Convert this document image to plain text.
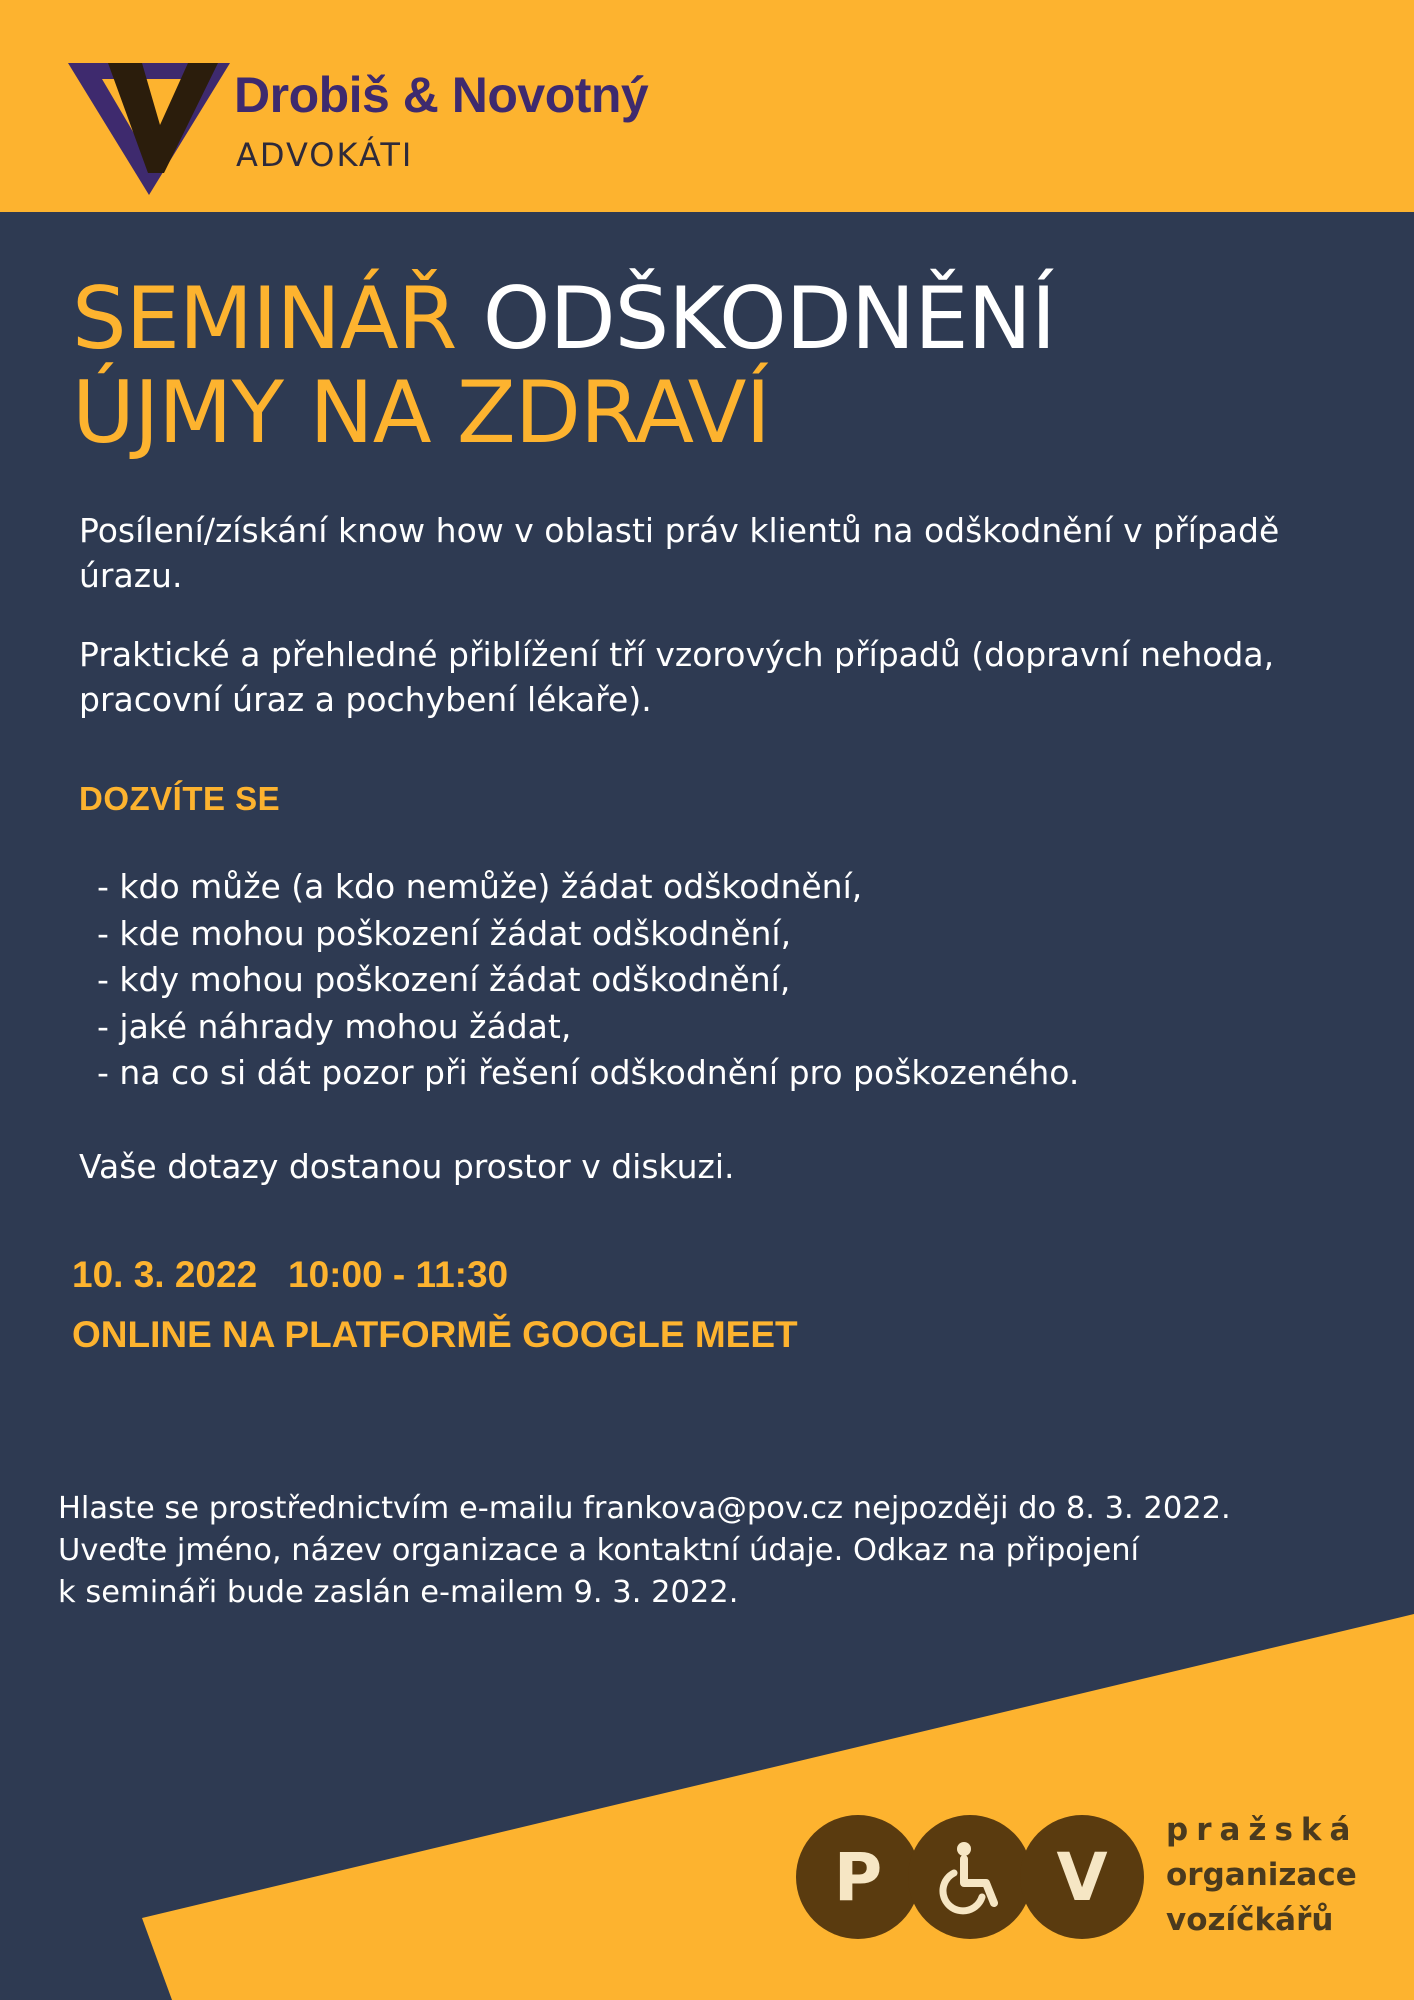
Drobiš & Novotný
ADVOKÁTI
SEMINÁŘ ODŠKODNĚNÍ
ÚJMY NA ZDRAVÍ

Posílení/získání know how v oblasti práv klientů na odškodnění v případě úrazu.

Praktické a přehledné přiblížení tří vzorových případů (dopravní nehoda, pracovní úraz a pochybení lékaře).

DOZVÍTE SE
- kdo může (a kdo nemůže) žádat odškodnění,
- kde mohou poškození žádat odškodnění,
- kdy mohou poškození žádat odškodnění,
- jaké náhrady mohou žádat,
- na co si dát pozor při řešení odškodnění pro poškozeného.

Vaše dotazy dostanou prostor v diskuzi.

10. 3. 2022 10:00 - 11:30
ONLINE NA PLATFORMĚ GOOGLE MEET

Hlaste se prostřednictvím e-mailu frankova@pov.cz nejpozději do 8. 3. 2022.
Uveďte jméno, název organizace a kontaktní údaje. Odkaz na připojení
k semináři bude zaslán e-mailem 9. 3. 2022.

P	V

pražská
organizace
vozíčkářů
